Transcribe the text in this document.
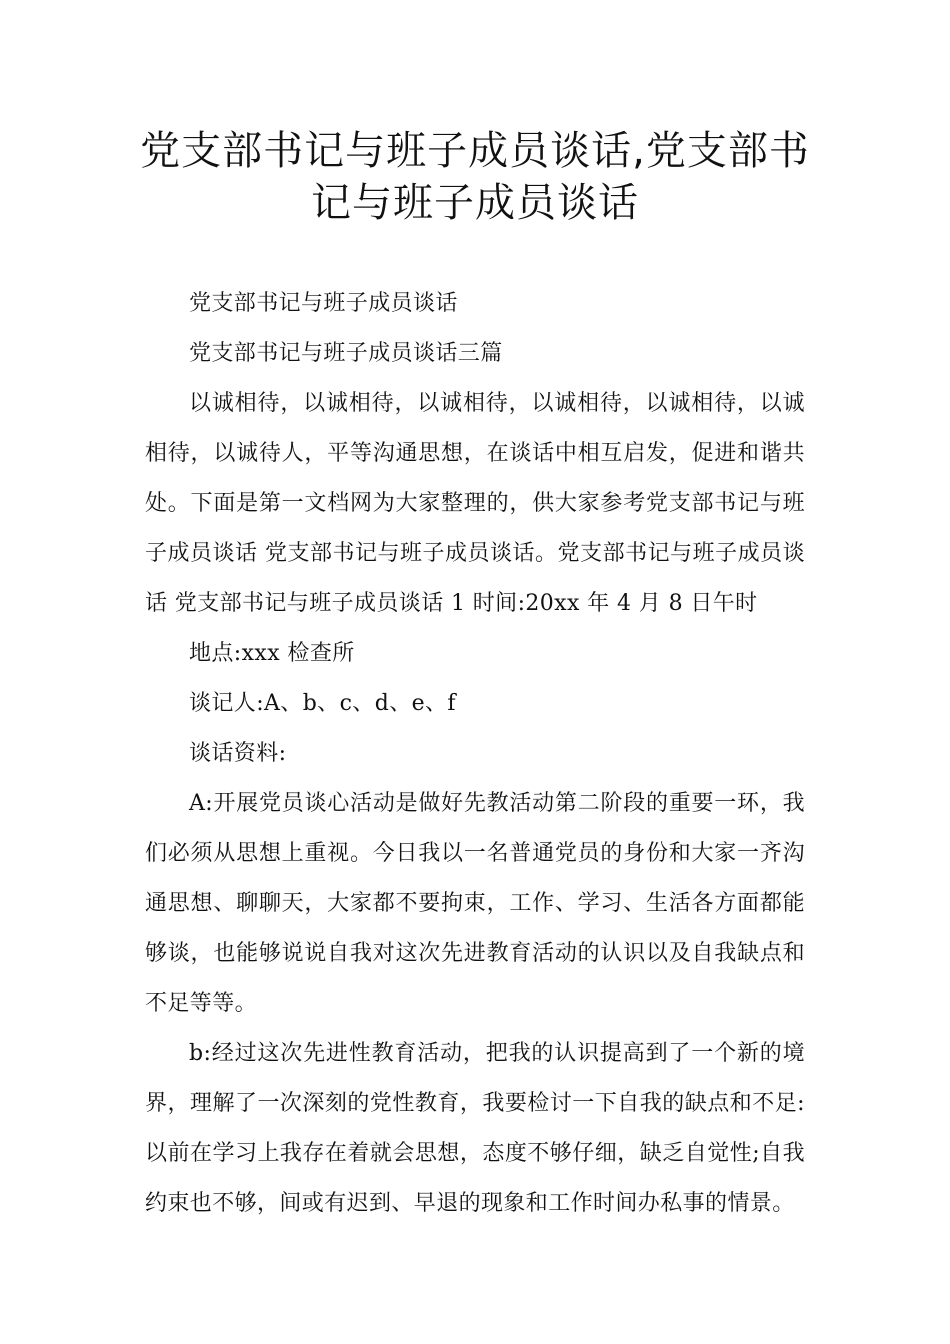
党支部书记与班子成员谈话,党支部书记与班子成员谈话

党支部书记与班子成员谈话

党支部书记与班子成员谈话三篇

以诚相待，以诚相待，以诚相待，以诚相待，以诚相待，以诚相待，以诚待人，平等沟通思想，在谈话中相互启发，促进和谐共处。下面是第一文档网为大家整理的，供大家参考党支部书记与班子成员谈话 党支部书记与班子成员谈话。党支部书记与班子成员谈话 党支部书记与班子成员谈话 1 时间:20xx 年 4 月 8 日午时

地点:xxx 检查所

谈记人:A、b、c、d、e、f

谈话资料:

A:开展党员谈心活动是做好先教活动第二阶段的重要一环，我们必须从思想上重视。今日我以一名普通党员的身份和大家一齐沟通思想、聊聊天，大家都不要拘束，工作、学习、生活各方面都能够谈，也能够说说自我对这次先进教育活动的认识以及自我缺点和不足等等。

b:经过这次先进性教育活动，把我的认识提高到了一个新的境界，理解了一次深刻的党性教育，我要检讨一下自我的缺点和不足:以前在学习上我存在着就会思想，态度不够仔细，缺乏自觉性;自我约束也不够，间或有迟到、早退的现象和工作时间办私事的情景。
